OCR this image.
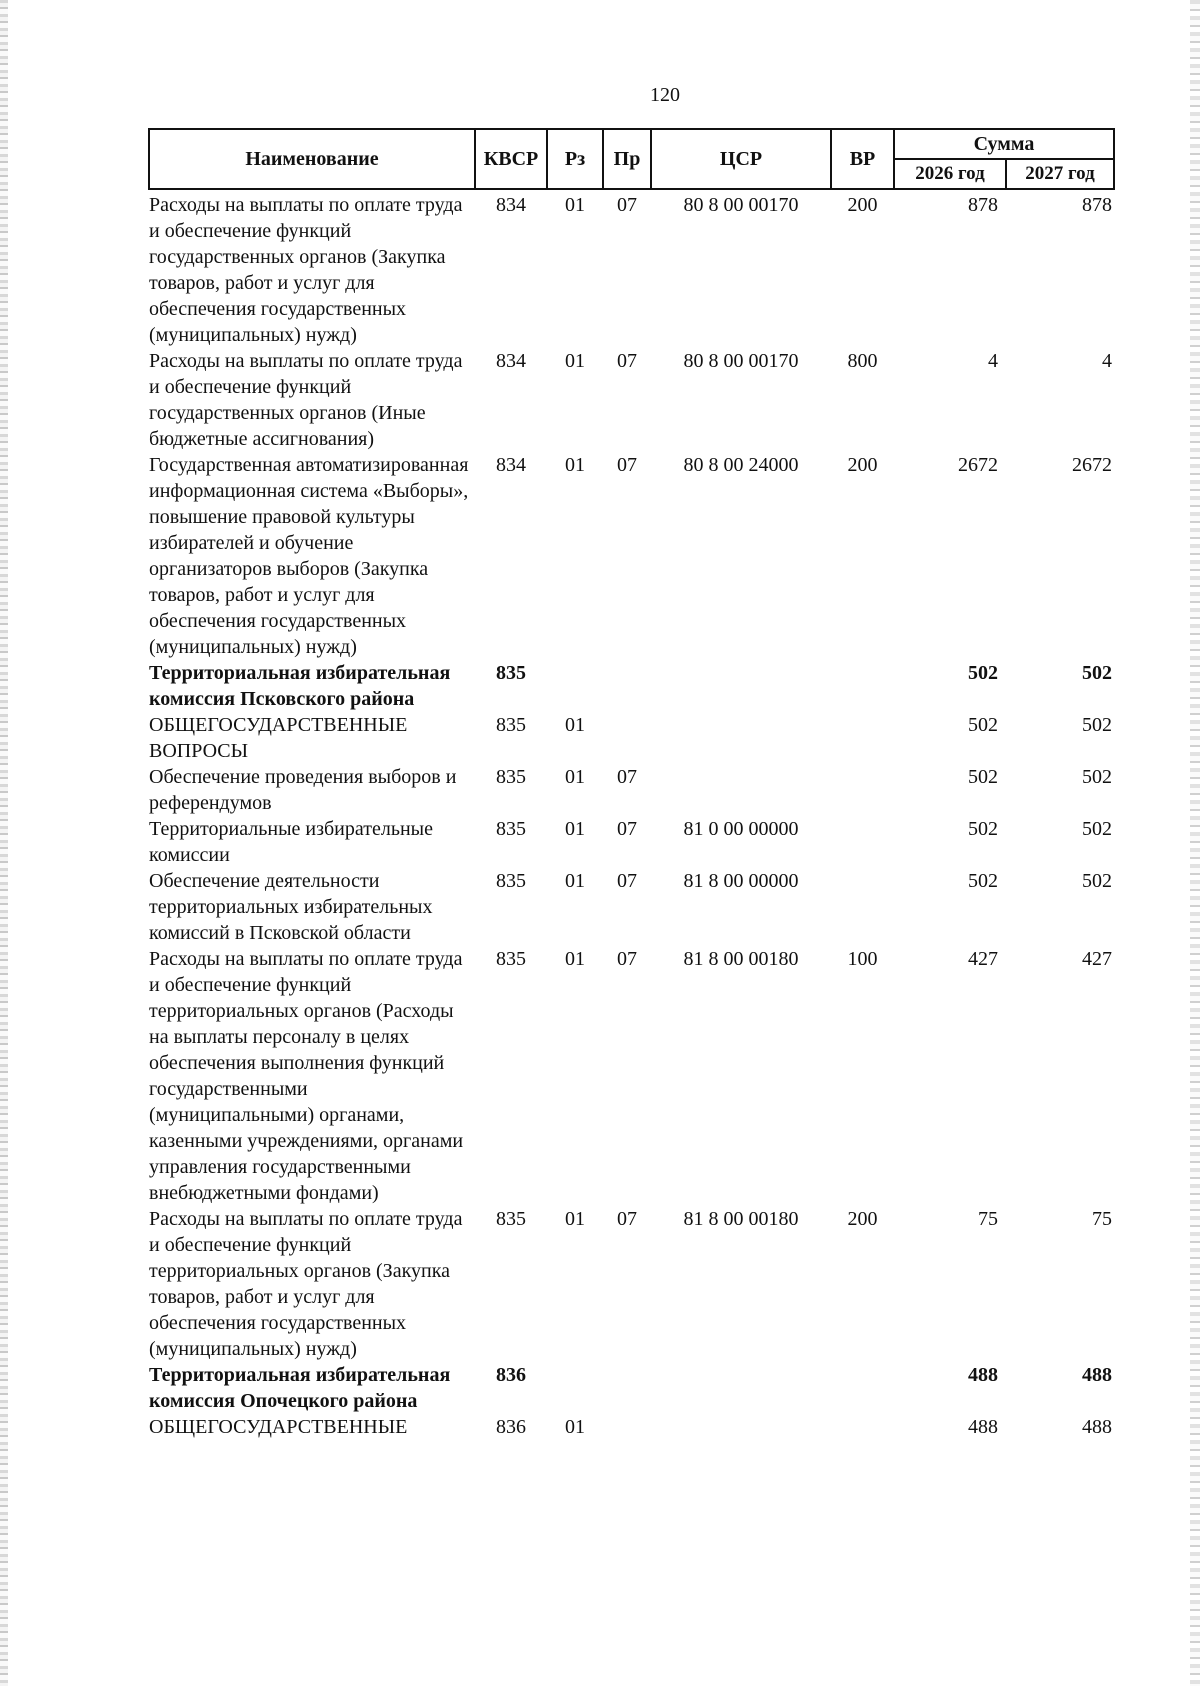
120
Наименование	КВСР	Рз	Пр	ЦСР	ВР	Сумма	
						2026 год	2027 год
Расходы на выплаты по оплате труда и обеспечение функций государственных органов (Закупка товаров, работ и услуг для обеспечения государственных (муниципальных) нужд)	834	01	07	80 8 00 00170	200	878	878
Расходы на выплаты по оплате труда и обеспечение функций государственных органов (Иные бюджетные ассигнования)	834	01	07	80 8 00 00170	800	4	4
Государственная автоматизированная информационная система «Выборы», повышение правовой культуры избирателей и обучение организаторов выборов (Закупка товаров, работ и услуг для обеспечения государственных (муниципальных) нужд)	834	01	07	80 8 00 24000	200	2672	2672
Территориальная избирательная комиссия Псковского района	835					502	502
ОБЩЕГОСУДАРСТВЕННЫЕ ВОПРОСЫ	835	01				502	502
Обеспечение проведения выборов и референдумов	835	01	07			502	502
Территориальные избирательные комиссии	835	01	07	81 0 00 00000		502	502
Обеспечение деятельности территориальных избирательных комиссий в Псковской области	835	01	07	81 8 00 00000		502	502
Расходы на выплаты по оплате труда и обеспечение функций территориальных органов (Расходы на выплаты персоналу в целях обеспечения выполнения функций государственными (муниципальными) органами, казенными учреждениями, органами управления государственными внебюджетными фондами)	835	01	07	81 8 00 00180	100	427	427
Расходы на выплаты по оплате труда и обеспечение функций территориальных органов (Закупка товаров, работ и услуг для обеспечения государственных (муниципальных) нужд)	835	01	07	81 8 00 00180	200	75	75
Территориальная избирательная комиссия Опочецкого района	836					488	488
ОБЩЕГОСУДАРСТВЕННЫЕ	836	01				488	488
